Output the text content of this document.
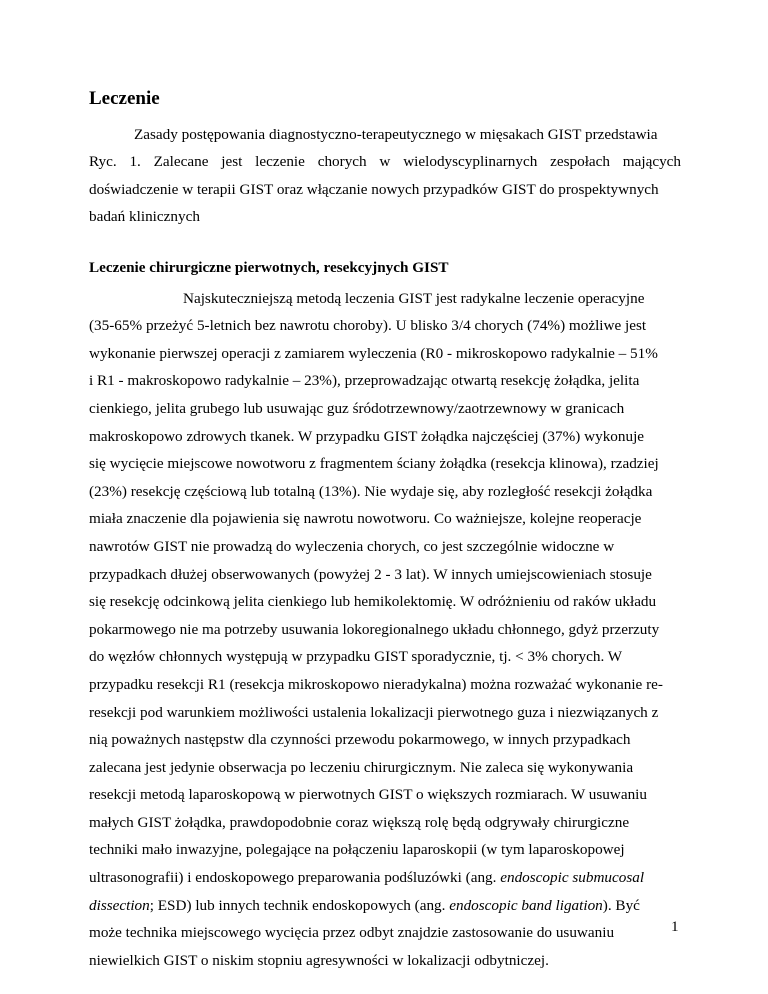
Leczenie

Zasady postępowania diagnostyczno-terapeutycznego w mięsakach GIST przedstawia
Ryc. 1. Zalecane jest leczenie chorych w wielodyscyplinarnych zespołach mających
doświadczenie w terapii GIST oraz włączanie nowych przypadków GIST do prospektywnych
badań klinicznych

Leczenie chirurgiczne pierwotnych, resekcyjnych GIST

Najskuteczniejszą metodą leczenia GIST jest radykalne leczenie operacyjne
(35-65% przeżyć 5-letnich bez nawrotu choroby). U blisko 3/4 chorych (74%) możliwe jest
wykonanie pierwszej operacji z zamiarem wyleczenia (R0 - mikroskopowo radykalnie – 51%
i R1 - makroskopowo radykalnie – 23%), przeprowadzając otwartą resekcję żołądka, jelita
cienkiego, jelita grubego lub usuwając guz śródotrzewnowy/zaotrzewnowy w granicach
makroskopowo zdrowych tkanek. W przypadku GIST żołądka najczęściej (37%) wykonuje
się wycięcie miejscowe nowotworu z fragmentem ściany żołądka (resekcja klinowa), rzadziej
(23%) resekcję częściową lub totalną (13%). Nie wydaje się, aby rozległość resekcji żołądka
miała znaczenie dla pojawienia się nawrotu nowotworu. Co ważniejsze, kolejne reoperacje
nawrotów GIST nie prowadzą do wyleczenia chorych, co jest szczególnie widoczne w
przypadkach dłużej obserwowanych (powyżej 2 - 3 lat). W innych umiejscowieniach stosuje
się resekcję odcinkową jelita cienkiego lub hemikolektomię. W odróżnieniu od raków układu
pokarmowego nie ma potrzeby usuwania lokoregionalnego układu chłonnego, gdyż przerzuty
do węzłów chłonnych występują w przypadku GIST sporadycznie, tj. < 3% chorych. W
przypadku resekcji R1 (resekcja mikroskopowo nieradykalna) można rozważać wykonanie re-
resekcji pod warunkiem możliwości ustalenia lokalizacji pierwotnego guza i niezwiązanych z
nią poważnych następstw dla czynności przewodu pokarmowego, w innych przypadkach
zalecana jest jedynie obserwacja po leczeniu chirurgicznym. Nie zaleca się wykonywania
resekcji metodą laparoskopową w pierwotnych GIST o większych rozmiarach. W usuwaniu
małych GIST żołądka, prawdopodobnie coraz większą rolę będą odgrywały chirurgiczne
techniki mało inwazyjne, polegające na połączeniu laparoskopii (w tym laparoskopowej
ultrasonografii) i endoskopowego preparowania podśluzówki (ang. endoscopic submucosal
dissection; ESD) lub innych technik endoskopowych (ang. endoscopic band ligation). Być
może technika miejscowego wycięcia przez odbyt znajdzie zastosowanie do usuwaniu
niewielkich GIST o niskim stopniu agresywności w lokalizacji odbytniczej.

1
